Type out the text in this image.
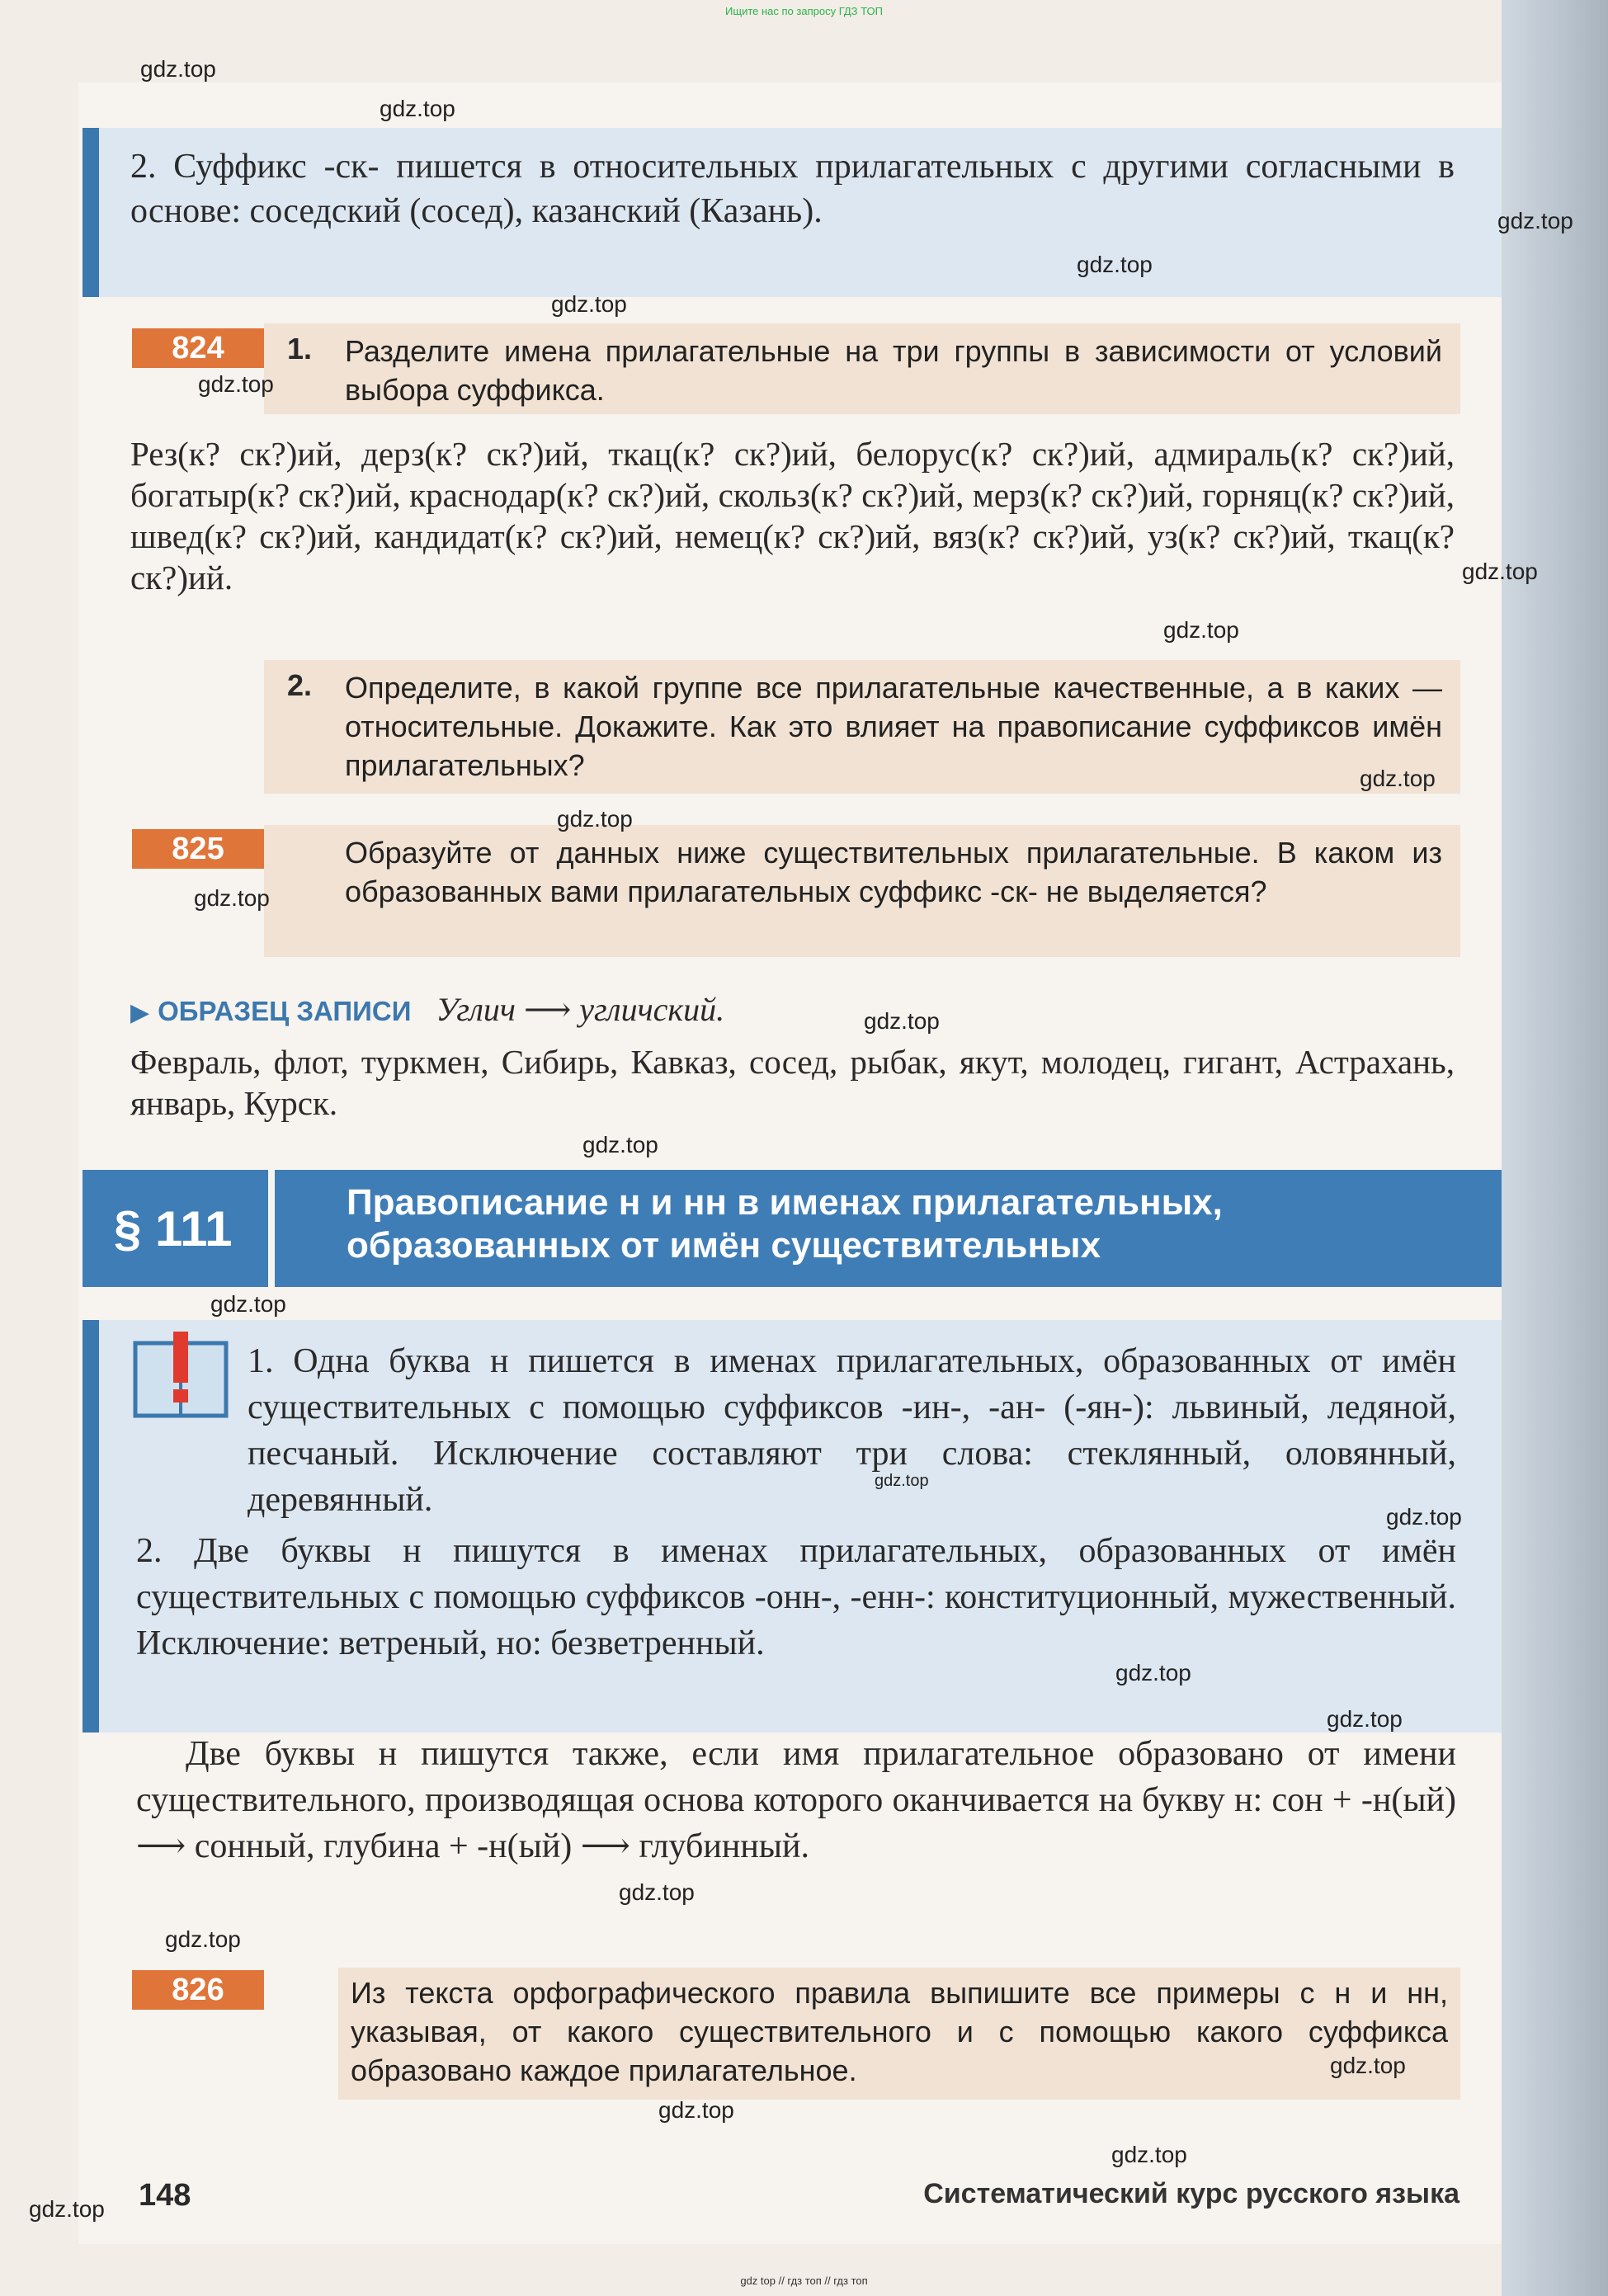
Ищите нас по запросу ГДЗ ТОП
2. Суффикс -ск- пишется в относительных прилагательных с другими согласными в основе: соседский (сосед), казанский (Казань).
824	1. Разделите имена прилагательные на три группы в зависимости от условий выбора суффикса.
Рез(к? ск?)ий, дерз(к? ск?)ий, ткац(к? ск?)ий, белорус(к? ск?)ий, адмираль(к? ск?)ий, богатыр(к? ск?)ий, краснодар(к? ск?)ий, скольз(к? ск?)ий, мерз(к? ск?)ий, горняц(к? ск?)ий, швед(к? ск?)ий, кандидат(к? ск?)ий, немец(к? ск?)ий, вяз(к? ск?)ий, уз(к? ск?)ий, ткац(к? ск?)ий.
2. Определите, в какой группе все прилагательные качественные, а в каких — относительные. Докажите. Как это влияет на правописание суффиксов имён прилагательных?
825	Образуйте от данных ниже существительных прилагательные. В каком из образованных вами прилагательных суффикс -ск- не выделяется?
▶ ОБРАЗЕЦ ЗАПИСИ Углич ⟶ угличский.
Февраль, флот, туркмен, Сибирь, Кавказ, сосед, рыбак, якут, молодец, гигант, Астрахань, январь, Курск.
§ 111	Правописание н и нн в именах прилагательных, образованных от имён существительных
1. Одна буква н пишется в именах прилагательных, образованных от имён существительных с помощью суффиксов -ин-, -ан- (-ян-): львиный, ледяной, песчаный. Исключение составляют три слова: стеклянный, оловянный, деревянный.
2. Две буквы н пишутся в именах прилагательных, образованных от имён существительных с помощью суффиксов -онн-, -енн-: конституционный, мужественный. Исключение: ветреный, но: безветренный.
Две буквы н пишутся также, если имя прилагательное образовано от имени существительного, производящая основа которого оканчивается на букву н: сон + -н(ый) ⟶ сонный, глубина + -н(ый) ⟶ глубинный.
826	Из текста орфографического правила выпишите все примеры с н и нн, указывая, от какого существительного и с помощью какого суффикса образовано каждое прилагательное.
148	Систематический курс русского языка
gdz top // гдз топ // гдз топ
gdz.top
gdz.top
gdz.top
gdz.top
gdz.top
gdz.top
gdz.top
gdz.top
gdz.top
gdz.top
gdz.top
gdz.top
gdz.top
gdz.top
gdz.top
gdz.top
gdz.top
gdz.top
gdz.top
gdz.top
gdz.top
gdz.top
gdz.top
gdz.top
